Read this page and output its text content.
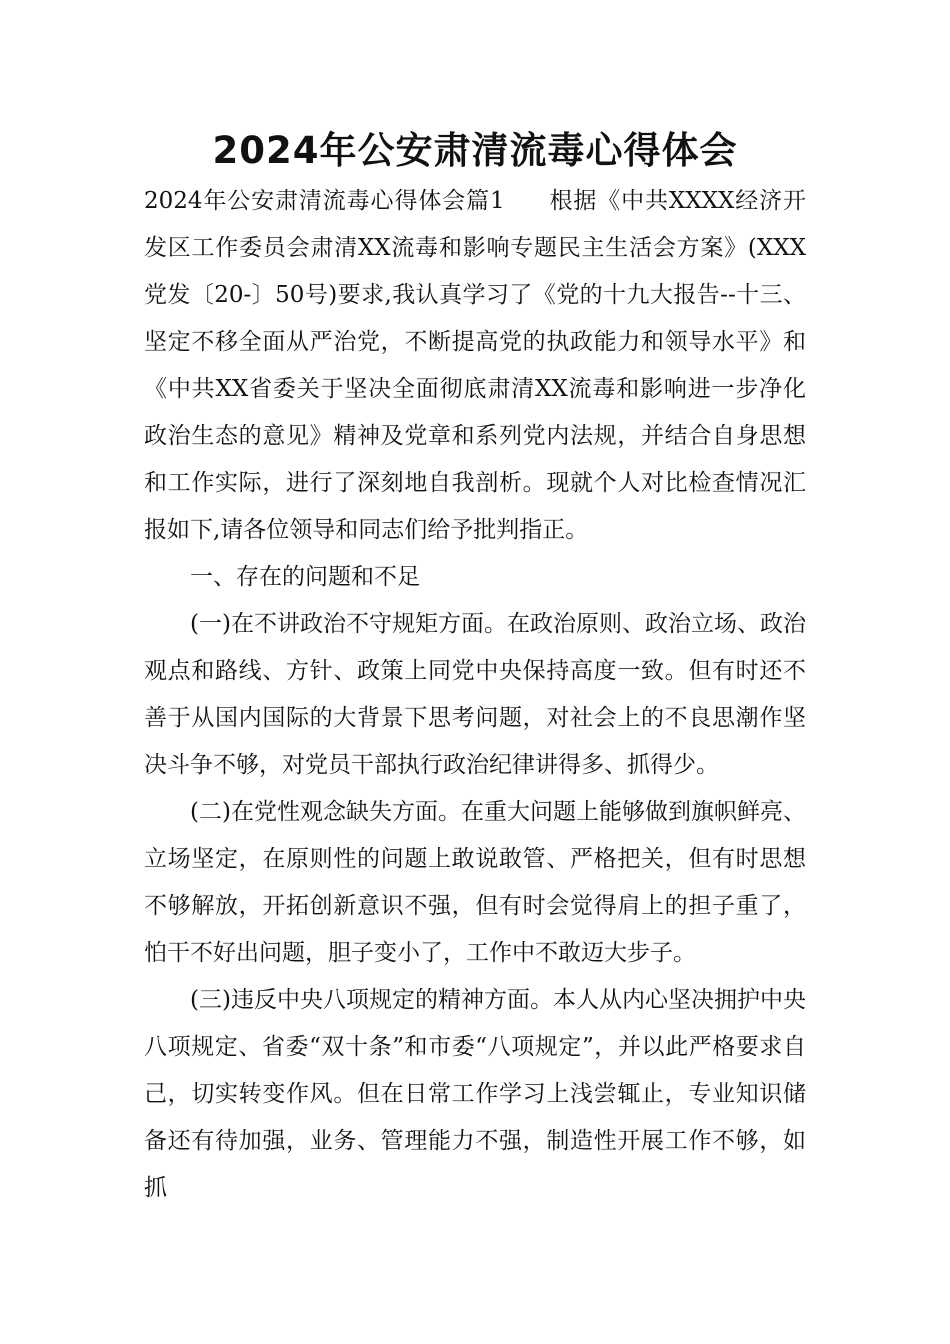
2024年公安肃清流毒心得体会

2024年公安肃清流毒心得体会篇1 根据《中共XXXX经济开发区工作委员会肃清XX流毒和影响专题民主生活会方案》(XXX党发〔20-〕50号)要求,我认真学习了《党的十九大报告--十三、坚定不移全面从严治党，不断提高党的执政能力和领导水平》和《中共XX省委关于坚决全面彻底肃清XX流毒和影响进一步净化政治生态的意见》精神及党章和系列党内法规，并结合自身思想和工作实际，进行了深刻地自我剖析。现就个人对比检查情况汇报如下,请各位领导和同志们给予批判指正。

一、存在的问题和不足

(一)在不讲政治不守规矩方面。在政治原则、政治立场、政治观点和路线、方针、政策上同党中央保持高度一致。但有时还不善于从国内国际的大背景下思考问题，对社会上的不良思潮作坚决斗争不够，对党员干部执行政治纪律讲得多、抓得少。

(二)在党性观念缺失方面。在重大问题上能够做到旗帜鲜亮、立场坚定，在原则性的问题上敢说敢管、严格把关，但有时思想不够解放，开拓创新意识不强，但有时会觉得肩上的担子重了，怕干不好出问题，胆子变小了，工作中不敢迈大步子。

(三)违反中央八项规定的精神方面。本人从内心坚决拥护中央八项规定、省委“双十条”和市委“八项规定”，并以此严格要求自己，切实转变作风。但在日常工作学习上浅尝辄止，专业知识储备还有待加强，业务、管理能力不强，制造性开展工作不够，如抓
